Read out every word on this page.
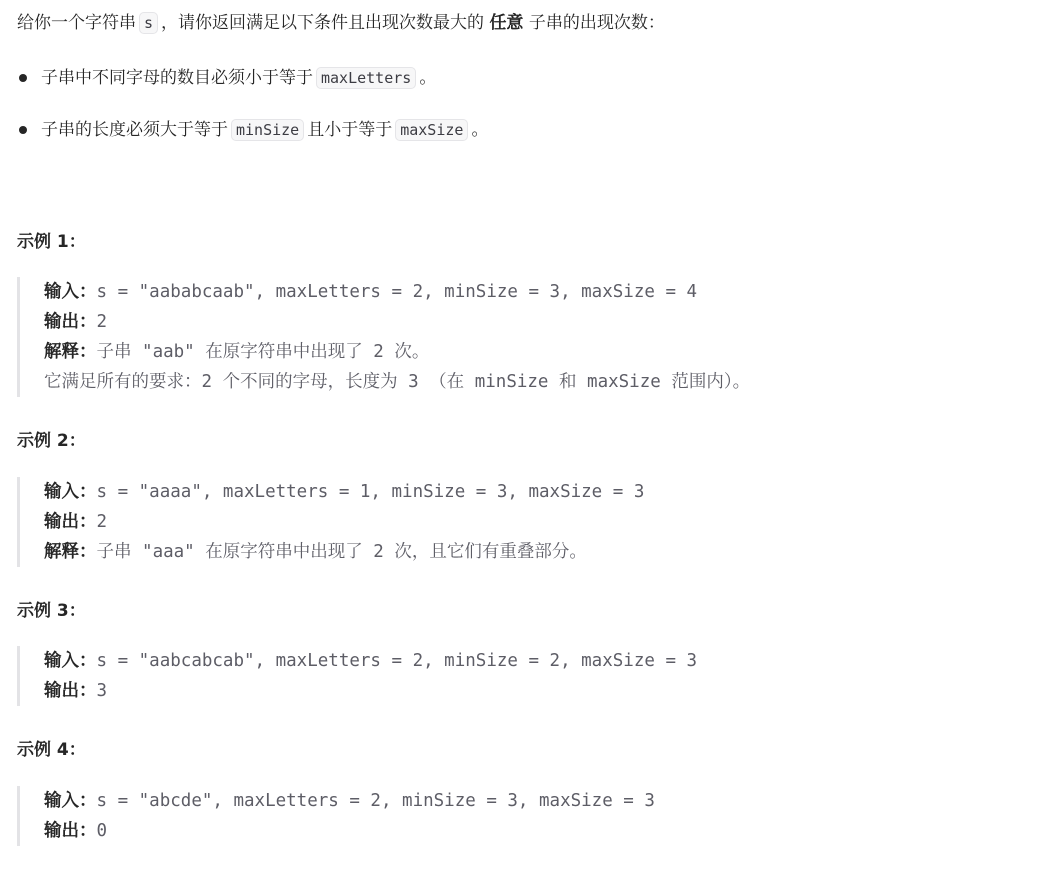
给你一个字符串 s ，请你返回满足以下条件且出现次数最大的 任意 子串的出现次数：
子串中不同字母的数目必须小于等于 maxLetters 。
子串的长度必须大于等于 minSize 且小于等于 maxSize 。
示例 1：
输入：s = "aababcaab", maxLetters = 2, minSize = 3, maxSize = 4
输出：2
解释：子串 "aab" 在原字符串中出现了 2 次。
它满足所有的要求：2 个不同的字母，长度为 3 （在 minSize 和 maxSize 范围内）。
示例 2：
输入：s = "aaaa", maxLetters = 1, minSize = 3, maxSize = 3
输出：2
解释：子串 "aaa" 在原字符串中出现了 2 次，且它们有重叠部分。
示例 3：
输入：s = "aabcabcab", maxLetters = 2, minSize = 2, maxSize = 3
输出：3
示例 4：
输入：s = "abcde", maxLetters = 2, minSize = 3, maxSize = 3
输出：0
